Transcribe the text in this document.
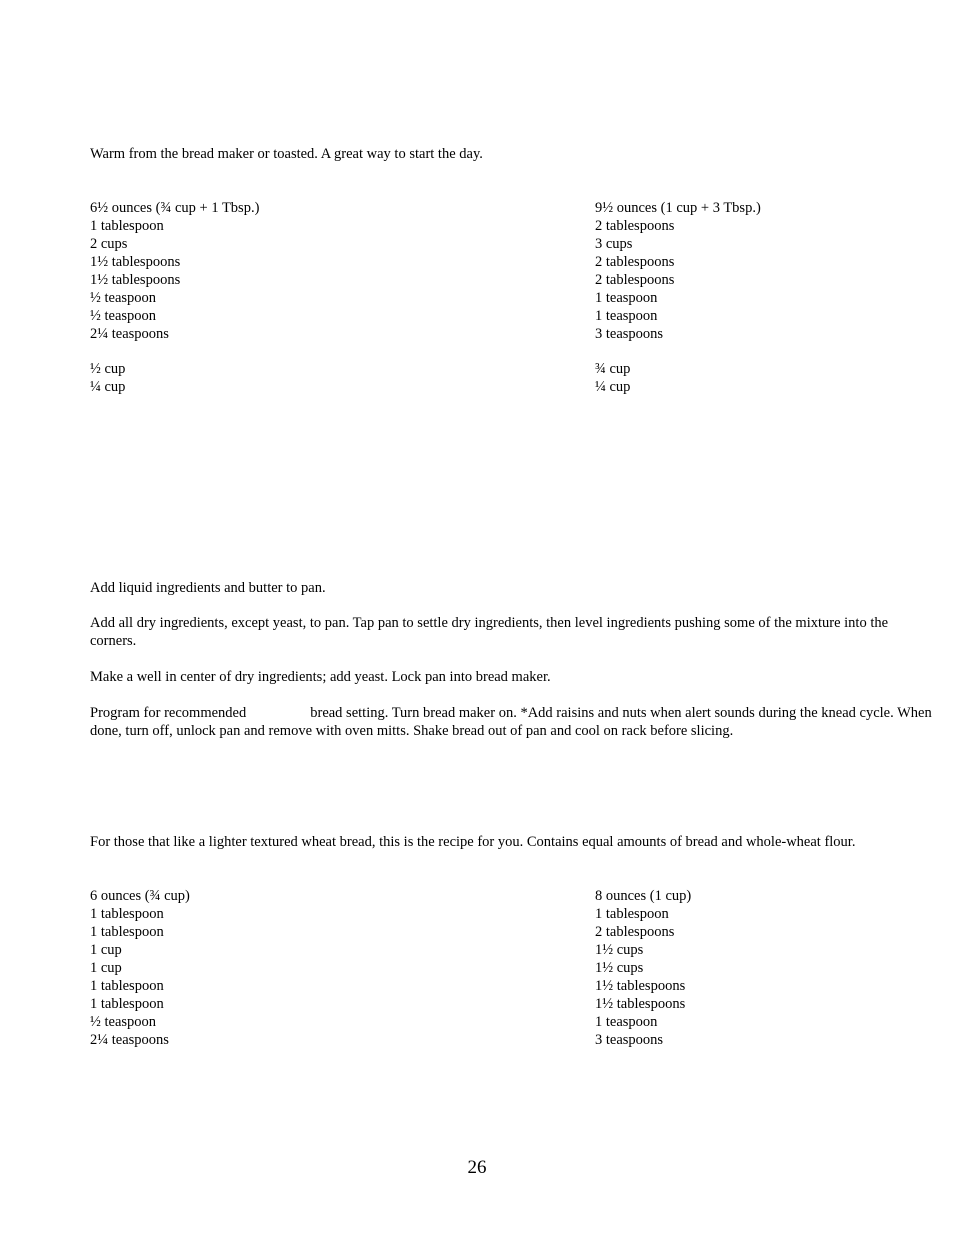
Warm from the bread maker or toasted. A great way to start the day.
6½ ounces (¾ cup + 1 Tbsp.)
1 tablespoon
2 cups
1½ tablespoons
1½ tablespoons
½ teaspoon
½ teaspoon
2¼ teaspoons
½ cup
¼ cup
9½ ounces (1 cup + 3 Tbsp.)
2 tablespoons
3 cups
2 tablespoons
2 tablespoons
1 teaspoon
1 teaspoon
3 teaspoons
¾ cup
¼ cup
Add liquid ingredients and butter to pan.
Add all dry ingredients, except yeast, to pan. Tap pan to settle dry ingredients, then level ingredients pushing some of the mixture into the corners.
Make a well in center of dry ingredients; add yeast. Lock pan into bread maker.
Program for recommended	bread setting. Turn bread maker on. *Add raisins and nuts when alert sounds during the knead cycle. When done, turn off, unlock pan and remove with oven mitts. Shake bread out of pan and cool on rack before slicing.
For those that like a lighter textured wheat bread, this is the recipe for you. Contains equal amounts of bread and whole-wheat flour.
6 ounces (¾ cup)
1 tablespoon
1 tablespoon
1 cup
1 cup
1 tablespoon
1 tablespoon
½ teaspoon
2¼ teaspoons
8 ounces (1 cup)
1 tablespoon
2 tablespoons
1½ cups
1½ cups
1½ tablespoons
1½ tablespoons
1 teaspoon
3 teaspoons
26
